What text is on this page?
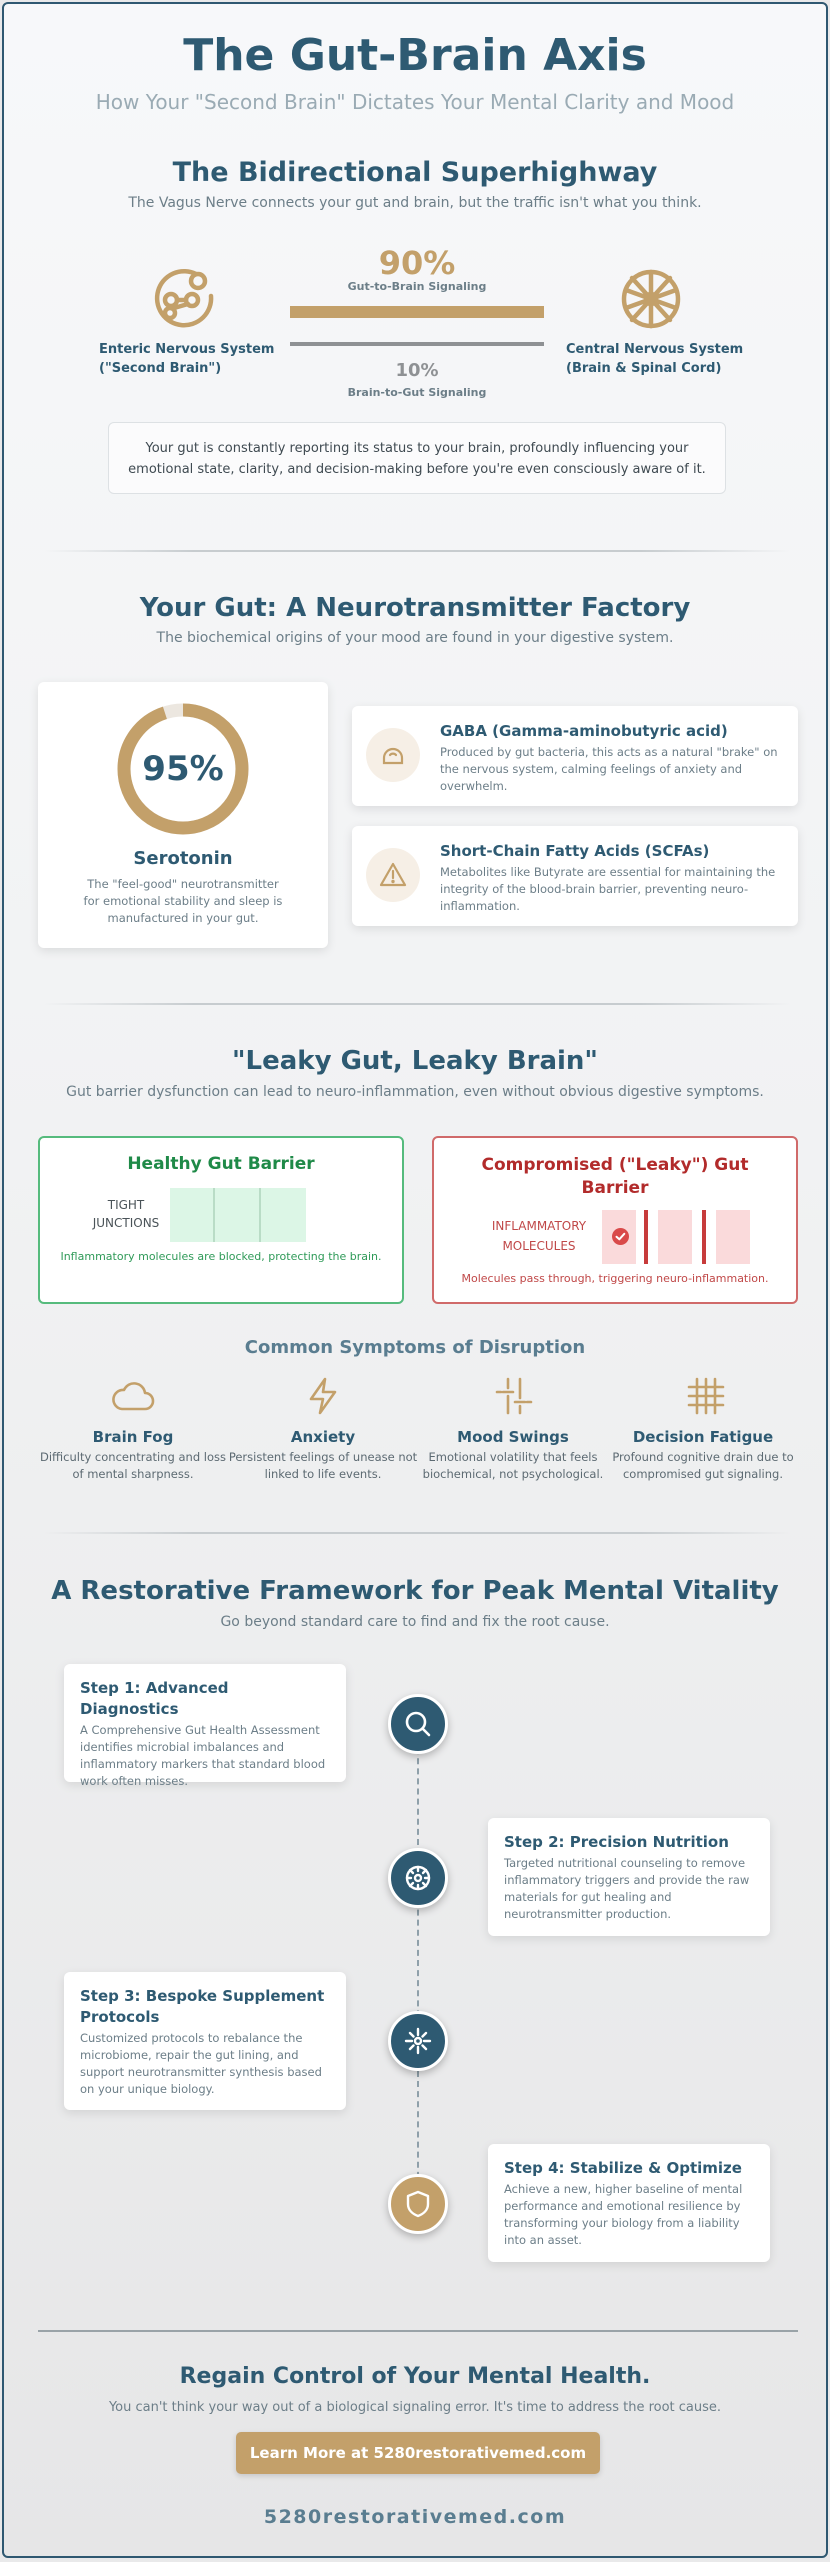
The Gut-Brain Axis

How Your "Second Brain" Dictates Your Mental Clarity and Mood

The Bidirectional Superhighway

The Vagus Nerve connects your gut and brain, but the traffic isn't what you think.

Enteric Nervous System
("Second Brain")
Central Nervous System
(Brain & Spinal Cord)
90%
Gut-to-Brain Signaling
10%
Brain-to-Gut Signaling
Your gut is constantly reporting its status to your brain, profoundly influencing your
emotional state, clarity, and decision-making before you're even consciously aware of it.
Your Gut: A Neurotransmitter Factory

The biochemical origins of your mood are found in your digestive system.

95%
Serotonin
The "feel-good" neurotransmitter for emotional stability and sleep is manufactured in your gut.
GABA (Gamma-aminobutyric acid)
Produced by gut bacteria, this acts as a natural "brake" on the nervous system, calming feelings of anxiety and overwhelm.
Short-Chain Fatty Acids (SCFAs)
Metabolites like Butyrate are essential for maintaining the integrity of the blood-brain barrier, preventing neuro-inflammation.
"Leaky Gut, Leaky Brain"

Gut barrier dysfunction can lead to neuro-inflammation, even without obvious digestive symptoms.

Healthy Gut Barrier
TIGHT
JUNCTIONS
Inflammatory molecules are blocked, protecting the brain.
Compromised ("Leaky") Gut
Barrier
INFLAMMATORY
MOLECULES
Molecules pass through, triggering neuro-inflammation.
Common Symptoms of Disruption
Brain Fog
Difficulty concentrating and loss
of mental sharpness.
Anxiety
Persistent feelings of unease not
linked to life events.
Mood Swings
Emotional volatility that feels
biochemical, not psychological.
Decision Fatigue
Profound cognitive drain due to
compromised gut signaling.
A Restorative Framework for Peak Mental Vitality

Go beyond standard care to find and fix the root cause.

Step 1: Advanced Diagnostics
A Comprehensive Gut Health Assessment identifies microbial imbalances and inflammatory markers that standard blood work often misses.
Step 2: Precision Nutrition
Targeted nutritional counseling to remove inflammatory triggers and provide the raw materials for gut healing and neurotransmitter production.
Step 3: Bespoke Supplement Protocols
Customized protocols to rebalance the microbiome, repair the gut lining, and support neurotransmitter synthesis based on your unique biology.
Step 4: Stabilize & Optimize
Achieve a new, higher baseline of mental performance and emotional resilience by transforming your biology from a liability into an asset.
Regain Control of Your Mental Health.

You can't think your way out of a biological signaling error. It's time to address the root cause.

Learn More at 5280restorativemed.com
5280restorativemed.com
